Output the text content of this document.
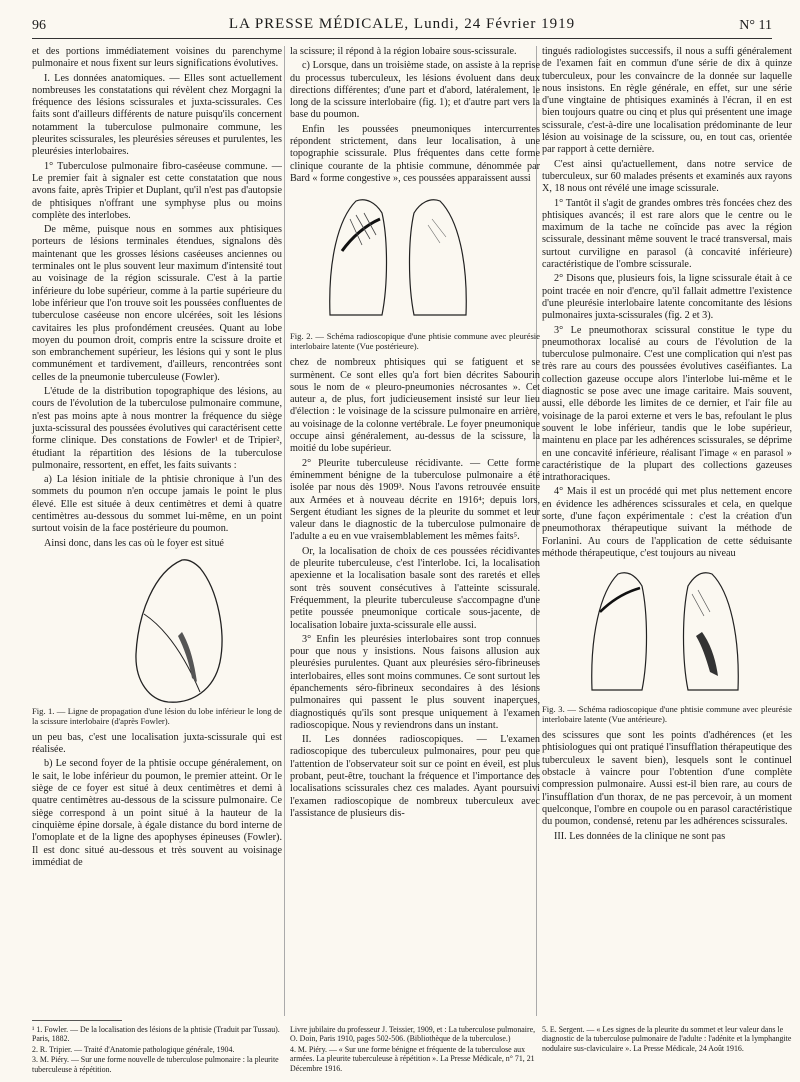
96	LA PRESSE MÉDICALE, Lundi, 24 Février 1919	N° 11

et des portions immédiatement voisines du parenchyme pulmonaire et nous fixent sur leurs significations évolutives.

I. Les données anatomiques. — Elles sont actuellement nombreuses les constatations qui révèlent chez Morgagni la fréquence des lésions scissurales et juxta-scissurales. Ces faits sont d'ailleurs différents de nature puisqu'ils concernent notamment la tuberculose pulmonaire commune, les pleurites scissurales, les pleurésies séreuses et purulentes, les pleurésies interlobaires.

1° Tuberculose pulmonaire fibro-caséeuse commune. — Le premier fait à signaler est cette constatation que nous avons faite, après Tripier et Duplant, qu'il n'est pas d'autopsie de phtisiques n'offrant une symphyse plus ou moins complète des interlobes.

De même, puisque nous en sommes aux phtisiques porteurs de lésions terminales étendues, signalons dès maintenant que les grosses lésions caséeuses anciennes ou terminales ont le plus souvent leur maximum d'intensité tout au voisinage de la région scissurale. C'est à la partie inférieure du lobe supérieur, comme à la partie supérieure du lobe inférieur que l'on trouve soit les poussées confluentes de tuberculose caséeuse non encore ulcérées, soit les lésions cavitaires les plus profondément creusées. Quant au lobe moyen du poumon droit, compris entre la scissure droite et son embranchement supérieur, les lésions qui y sont le plus communément et tardivement, d'ailleurs, rencontrées sont celles de la pneumonie tuberculeuse (Fowler).

L'étude de la distribution topographique des lésions, au cours de l'évolution de la tuberculose pulmonaire commune, n'est pas moins apte à nous montrer la fréquence du siège juxta-scissural des poussées évolutives qui caractérisent cette forme clinique. Des constations de Fowler¹ et de Tripier², étudiant la répartition des lésions de la tuberculose pulmonaire, ressortent, en effet, les faits suivants :

a) La lésion initiale de la phtisie chronique à l'un des sommets du poumon n'en occupe jamais le point le plus élevé. Elle est située à deux centimètres et demi à quatre centimètres au-dessous du sommet lui-même, en un point surtout voisin de la face postérieure du poumon.

Ainsi donc, dans les cas où le foyer est situé

Fig. 1. — Ligne de propagation d'une lésion du lobe inférieur le long de la scissure interlobaire (d'après Fowler).

un peu bas, c'est une localisation juxta-scissurale qui est réalisée.

b) Le second foyer de la phtisie occupe généralement, on le sait, le lobe inférieur du poumon, le premier atteint. Or le siège de ce foyer est situé à deux centimètres et demi à quatre centimètres au-dessous de la scissure pulmonaire. Ce siège correspond à un point situé à la hauteur de la cinquième épine dorsale, à égale distance du bord interne de l'omoplate et de la ligne des apophyses épineuses (Fowler). Il est donc situé au-dessous et très souvent au voisinage immédiat de

la scissure; il répond à la région lobaire sous-scissurale.

c) Lorsque, dans un troisième stade, on assiste à la reprise du processus tuberculeux, les lésions évoluent dans deux directions différentes; d'une part et d'abord, latéralement, le long de la scissure interlobaire (fig. 1); et d'autre part vers la base du poumon.

Enfin les poussées pneumoniques intercurrentes répondent strictement, dans leur localisation, à une topographie scissurale. Plus fréquentes dans cette forme clinique courante de la phtisie commune, dénommée par Bard « forme congestive », ces poussées apparaissent aussi

Fig. 2. — Schéma radioscopique d'une phtisie commune avec pleurésie interlobaire latente (Vue postérieure).

chez de nombreux phtisiques qui se fatiguent et se surmènent. Ce sont elles qu'a fort bien décrites Sabourin sous le nom de « pleuro-pneumonies nécrosantes ». Cet auteur a, de plus, fort judicieusement insisté sur leur lieu d'élection : le voisinage de la scissure pulmonaire en arrière, au voisinage de la colonne vertébrale. Le foyer pneumonique occupe ainsi généralement, au-dessus de la scissure, la moitié du lobe supérieur.

2° Pleurite tuberculeuse récidivante. — Cette forme éminemment bénigne de la tuberculose pulmonaire a été isolée par nous dès 1909³. Nous l'avons retrouvée ensuite aux Armées et à nouveau décrite en 1916⁴; depuis lors, Sergent étudiant les signes de la pleurite du sommet et leur valeur dans le diagnostic de la tuberculose pulmonaire de l'adulte a eu en vue vraisemblablement les mêmes faits⁵.

Or, la localisation de choix de ces poussées récidivantes de pleurite tuberculeuse, c'est l'interlobe. Ici, la localisation apexienne et la localisation basale sont des raretés et elles sont très souvent consécutives à l'atteinte scissurale. Fréquemment, la pleurite tuberculeuse s'accompagne d'une petite poussée pneumonique corticale sous-jacente, de localisation lobaire juxta-scissurale elle aussi.

3° Enfin les pleurésies interlobaires sont trop connues pour que nous y insistions. Nous faisons allusion aux pleurésies purulentes. Quant aux pleurésies séro-fibrineuses interlobaires, elles sont moins communes. Ce sont surtout les épanchements séro-fibrineux secondaires à des lésions pulmonaires qui passent le plus souvent inaperçues, diagnostiqués qu'ils sont presque uniquement à l'examen radioscopique. Nous y reviendrons dans un instant.

II. Les données radioscopiques. — L'examen radioscopique des tuberculeux pulmonaires, pour peu que l'attention de l'observateur soit sur ce point en éveil, est plus probant, peut-être, touchant la fréquence et l'importance des localisations scissurales chez ces malades. Ayant poursuivi l'examen radioscopique de nombreux tuberculeux avec l'assistance de plusieurs dis-

tingués radiologistes successifs, il nous a suffi généralement de l'examen fait en commun d'une série de dix à quinze tuberculeux, pour les convaincre de la donnée sur laquelle nous insistons. En règle générale, en effet, sur une série d'une vingtaine de phtisiques examinés à l'écran, il en est bien toujours quatre ou cinq et plus qui présentent une image scissurale, c'est-à-dire une localisation prédominante de leur lésion au voisinage de la scissure, ou, en tout cas, orientée par rapport à cette dernière.

C'est ainsi qu'actuellement, dans notre service de tuberculeux, sur 60 malades présents et examinés aux rayons X, 18 nous ont révélé une image scissurale.

1° Tantôt il s'agit de grandes ombres très foncées chez des phtisiques avancés; il est rare alors que le centre ou le maximum de la tache ne coïncide pas avec la région scissurale, dessinant même souvent le tracé transversal, mais surtout curviligne en parasol (à concavité inférieure) caractéristique de l'ombre scissurale.

2° Disons que, plusieurs fois, la ligne scissurale était à ce point tracée en noir d'encre, qu'il fallait admettre l'existence d'une pleurésie interlobaire latente concomitante des lésions pulmonaires juxta-scissurales (fig. 2 et 3).

3° Le pneumothorax scissural constitue le type du pneumothorax localisé au cours de l'évolution de la tuberculose pulmonaire. C'est une complication qui n'est pas très rare au cours des poussées évolutives caséifiantes. La collection gazeuse occupe alors l'interlobe lui-même et le diagnostic se pose avec une image caritaire. Mais souvent, aussi, elle déborde les limites de ce dernier, et l'air file au voisinage de la paroi externe et vers le bas, refoulant le plus souvent le lobe inférieur, tandis que le lobe supérieur, maintenu en place par les adhérences scissurales, se déprime en une concavité inférieure, réalisant l'image « en parasol » caractéristique de la plupart des collections gazeuses intrathoraciques.

4° Mais il est un procédé qui met plus nettement encore en évidence les adhérences scissurales et cela, en quelque sorte, d'une façon expérimentale : c'est la création d'un pneumothorax thérapeutique suivant la méthode de Forlanini. Au cours de l'application de cette séduisante méthode thérapeutique, c'est toujours au niveau

Fig. 3. — Schéma radioscopique d'une phtisie commune avec pleurésie interlobaire latente (Vue antérieure).

des scissures que sont les points d'adhérences (et les phtisiologues qui ont pratiqué l'insufflation thérapeutique des tuberculeux le savent bien), lesquels sont le continuel obstacle à vaincre pour l'obtention d'une complète compression pulmonaire. Aussi est-il bien rare, au cours de l'insufflation d'un thorax, de ne pas percevoir, à un moment quelconque, l'ombre en coupole ou en parasol caractéristique du poumon, condensé, retenu par les adhérences scissurales.

III. Les données de la clinique ne sont pas

¹ 1. Fowler. — De la localisation des lésions de la phtisie (Traduit par Tussau). Paris, 1882.
2. R. Tripier. — Traité d'Anatomie pathologique générale, 1904.
3. M. Piéry. — Sur une forme nouvelle de tuberculose pulmonaire : la pleurite tuberculeuse à répétition.
Livre jubilaire du professeur J. Teissier, 1909, et : La tuberculose pulmonaire, O. Doin, Paris 1910, pages 502-506. (Bibliothèque de la tuberculose.)
4. M. Piéry. — « Sur une forme bénigne et fréquente de la tuberculose aux armées. La pleurite tuberculeuse à répétition ». La Presse Médicale, n° 71, 21 Décembre 1916.
5. E. Sergent. — « Les signes de la pleurite du sommet et leur valeur dans le diagnostic de la tuberculose pulmonaire de l'adulte : l'adénite et la lymphangite nodulaire sus-claviculaire ». La Presse Médicale, 24 Août 1916.
